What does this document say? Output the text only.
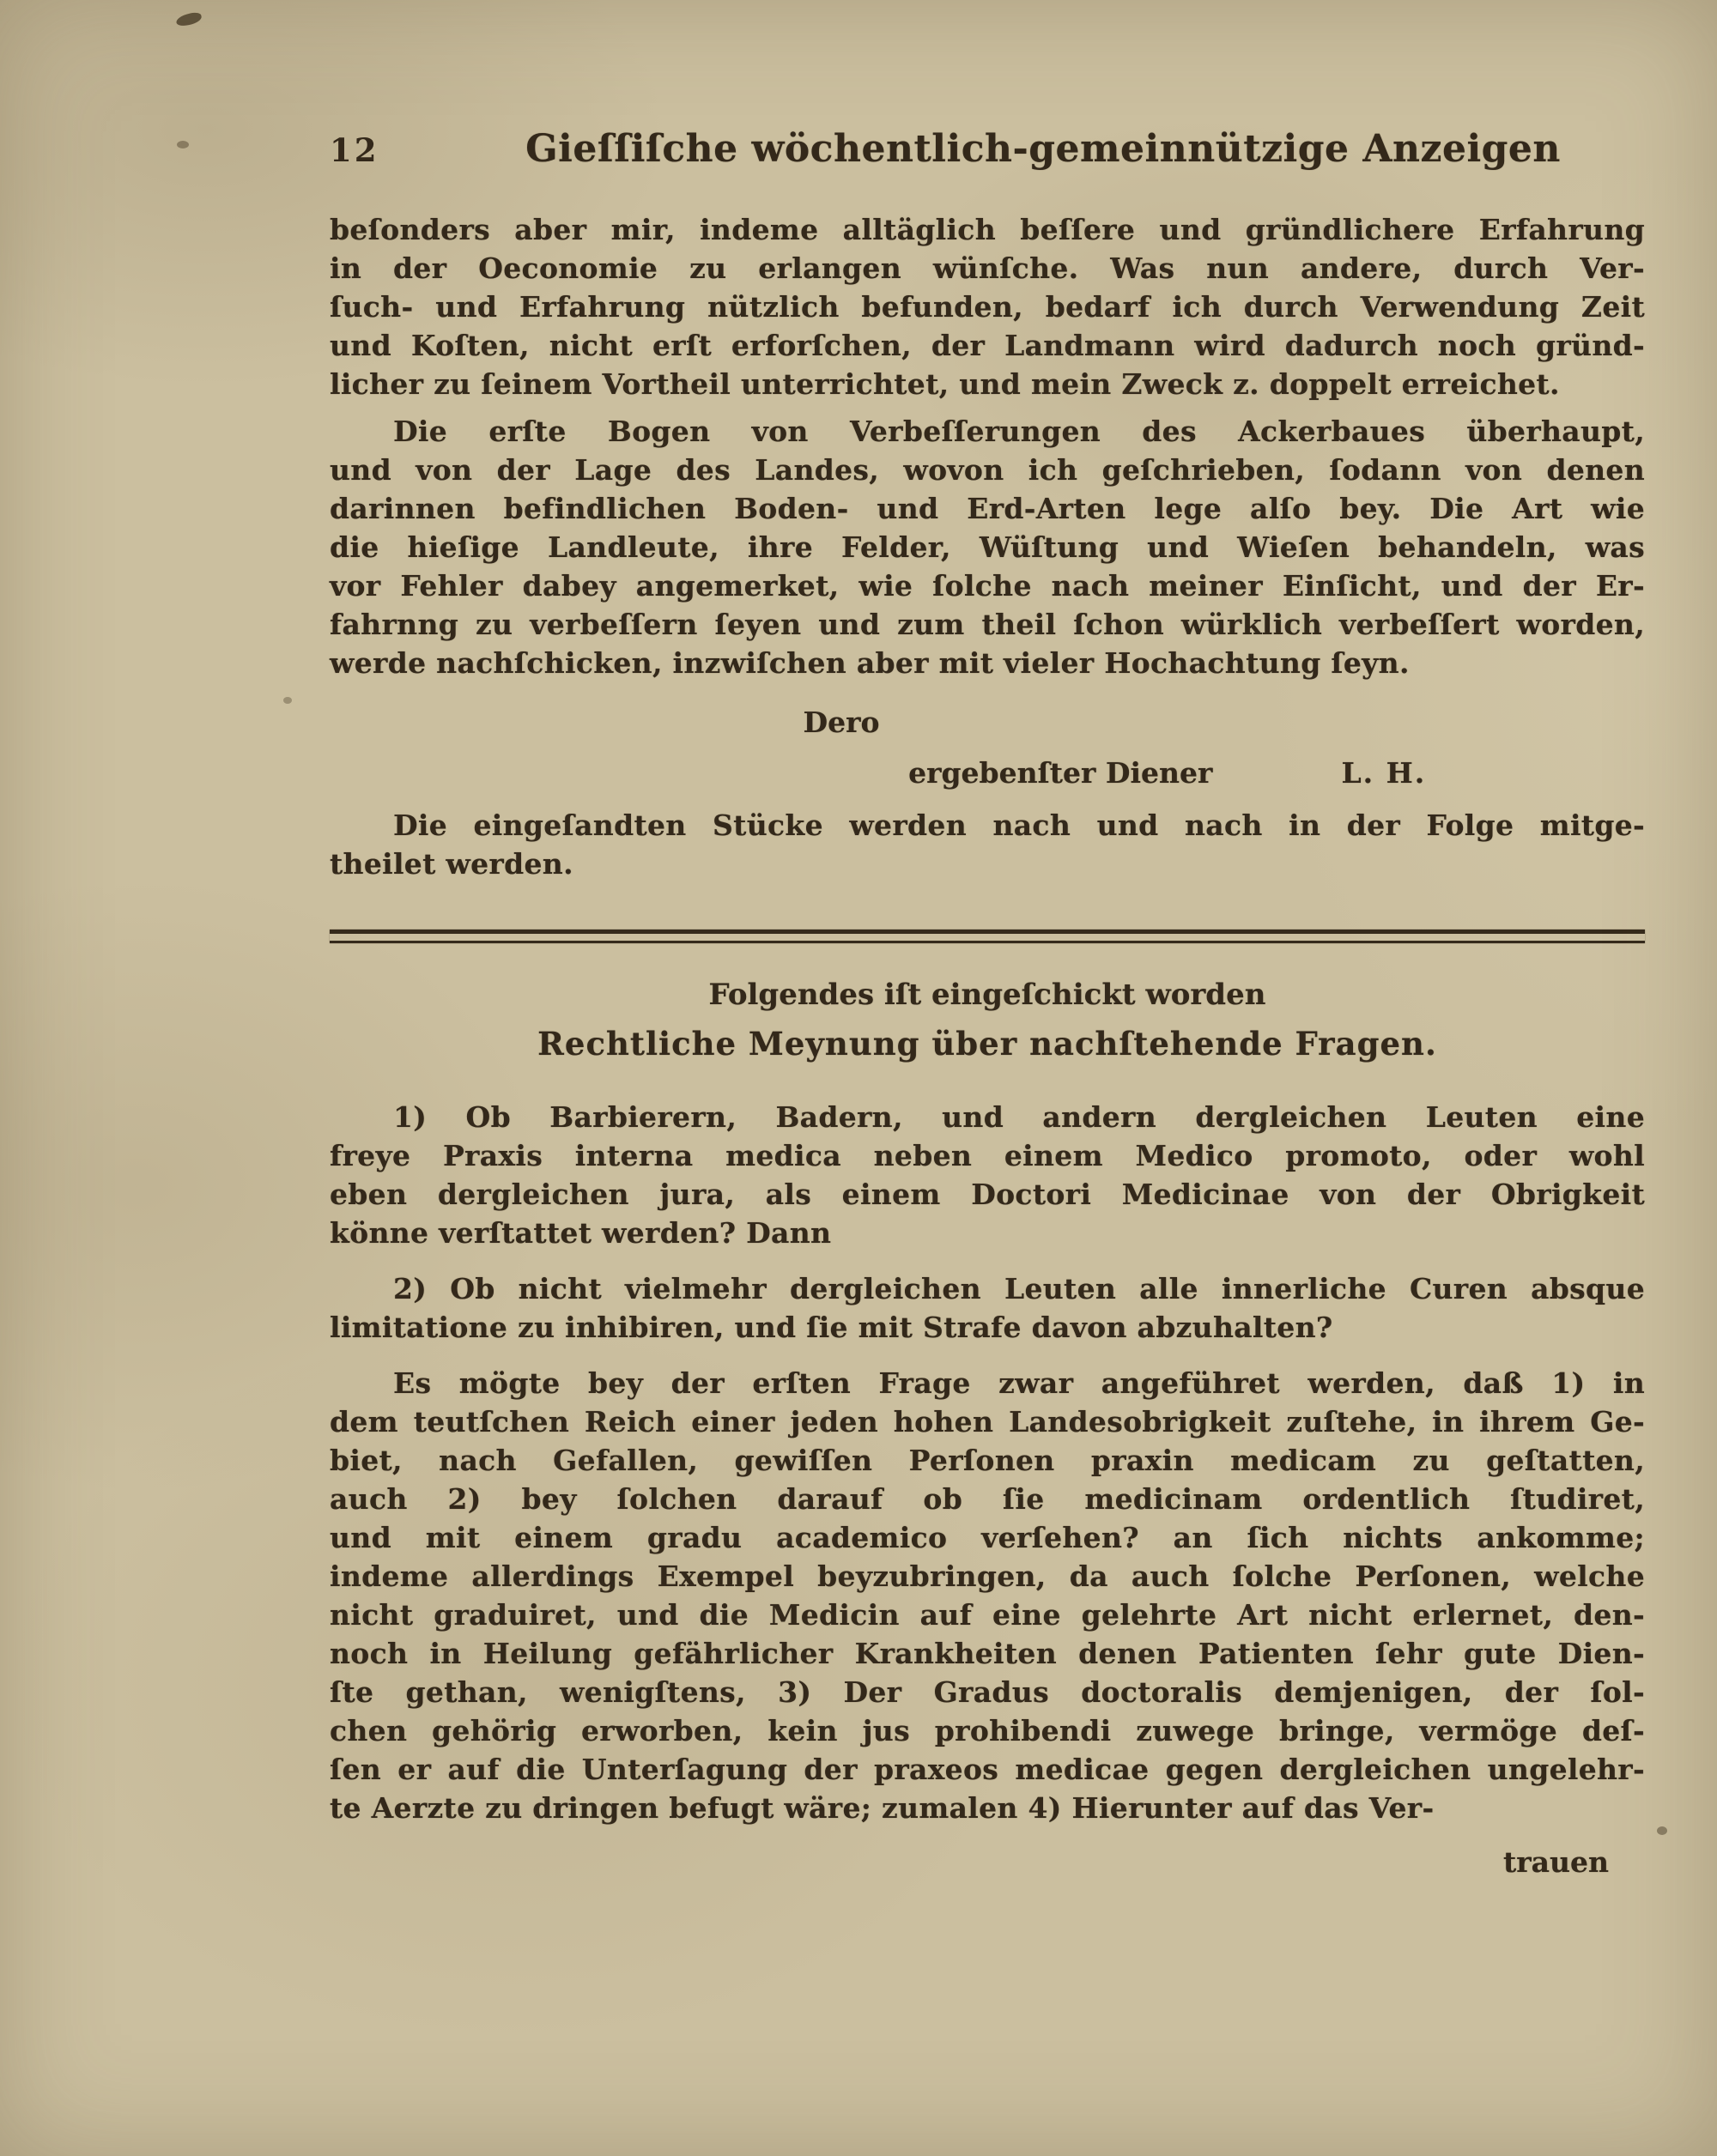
12	Gieſſiſche wöchentlich-gemeinnützige Anzeigen
beſonders aber mir, indeme alltäglich beſſere und gründlichere Erfahrung
in der Oeconomie zu erlangen wünſche. Was nun andere, durch Ver-
ſuch- und Erfahrung nützlich befunden, bedarf ich durch Verwendung Zeit
und Koſten, nicht erſt erforſchen, der Landmann wird dadurch noch gründ-
licher zu ſeinem Vortheil unterrichtet, und mein Zweck z. doppelt erreichet.
Die erſte Bogen von Verbeſſerungen des Ackerbaues überhaupt,
und von der Lage des Landes, wovon ich geſchrieben, ſodann von denen
darinnen befindlichen Boden- und Erd-Arten lege alſo bey. Die Art wie
die hieſige Landleute, ihre Felder, Wüſtung und Wieſen behandeln, was
vor Fehler dabey angemerket, wie ſolche nach meiner Einſicht, und der Er-
fahrnng zu verbeſſern ſeyen und zum theil ſchon würklich verbeſſert worden,
werde nachſchicken, inzwiſchen aber mit vieler Hochachtung ſeyn.
Dero
ergebenſter Diener	L. H.
Die eingeſandten Stücke werden nach und nach in der Folge mitge-
theilet werden.
Folgendes iſt eingeſchickt worden
Rechtliche Meynung über nachſtehende Fragen.
1) Ob Barbierern, Badern, und andern dergleichen Leuten eine
freye Praxis interna medica neben einem Medico promoto, oder wohl
eben dergleichen jura, als einem Doctori Medicinae von der Obrigkeit
könne verſtattet werden? Dann
2) Ob nicht vielmehr dergleichen Leuten alle innerliche Curen absque
limitatione zu inhibiren, und ſie mit Strafe davon abzuhalten?
Es mögte bey der erſten Frage zwar angeführet werden, daß 1) in
dem teutſchen Reich einer jeden hohen Landesobrigkeit zuſtehe, in ihrem Ge-
biet, nach Gefallen, gewiſſen Perſonen praxin medicam zu geſtatten,
auch 2) bey ſolchen darauf ob ſie medicinam ordentlich ſtudiret,
und mit einem gradu academico verſehen? an ſich nichts ankomme;
indeme allerdings Exempel beyzubringen, da auch ſolche Perſonen, welche
nicht graduiret, und die Medicin auf eine gelehrte Art nicht erlernet, den-
noch in Heilung gefährlicher Krankheiten denen Patienten ſehr gute Dien-
ſte gethan, wenigſtens, 3) Der Gradus doctoralis demjenigen, der ſol-
chen gehörig erworben, kein jus prohibendi zuwege bringe, vermöge deſ-
ſen er auf die Unterſagung der praxeos medicae gegen dergleichen ungelehr-
te Aerzte zu dringen befugt wäre; zumalen 4) Hierunter auf das Ver-
trauen
